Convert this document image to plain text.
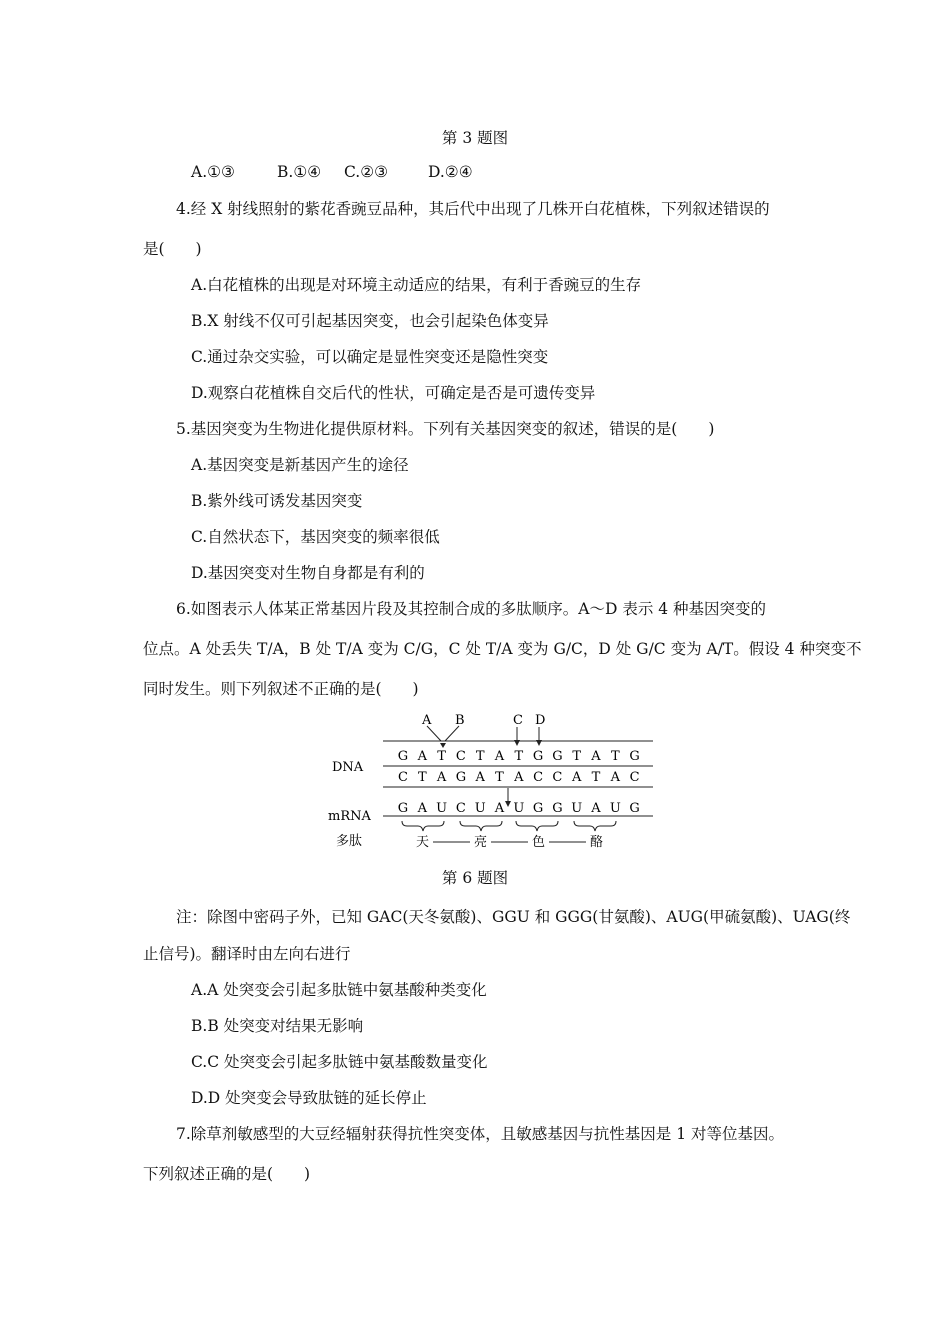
第 3 题图
A.①③	B.①④ C.②③	D.②④
4.经 X 射线照射的紫花香豌豆品种，其后代中出现了几株开白花植株，下列叙述错误的
是(　　)
A.白花植株的出现是对环境主动适应的结果，有利于香豌豆的生存
B.X 射线不仅可引起基因突变，也会引起染色体变异
C.通过杂交实验，可以确定是显性突变还是隐性突变
D.观察白花植株自交后代的性状，可确定是否是可遗传变异
5.基因突变为生物进化提供原材料。下列有关基因突变的叙述，错误的是(　　)
A.基因突变是新基因产生的途径
B.紫外线可诱发基因突变
C.自然状态下，基因突变的频率很低
D.基因突变对生物自身都是有利的
6.如图表示人体某正常基因片段及其控制合成的多肽顺序。A～D 表示 4 种基因突变的
位点。A 处丢失 T/A，B 处 T/A 变为 C/G，C 处 T/A 变为 G/C，D 处 G/C 变为 A/T。假设 4 种突变不
同时发生。则下列叙述不正确的是(　　)
DNA
mRNA
多肽
A B	C D
G A T C T A T G G T A T G
C T A G A T A C C A T A C
G A U C U A U G G U A U G
天	亮	色	酪
第 6 题图
注：除图中密码子外，已知 GAC(天冬氨酸)、GGU 和 GGG(甘氨酸)、AUG(甲硫氨酸)、UAG(终
止信号)。翻译时由左向右进行
A.A 处突变会引起多肽链中氨基酸种类变化
B.B 处突变对结果无影响
C.C 处突变会引起多肽链中氨基酸数量变化
D.D 处突变会导致肽链的延长停止
7.除草剂敏感型的大豆经辐射获得抗性突变体，且敏感基因与抗性基因是 1 对等位基因。
下列叙述正确的是(　　)
